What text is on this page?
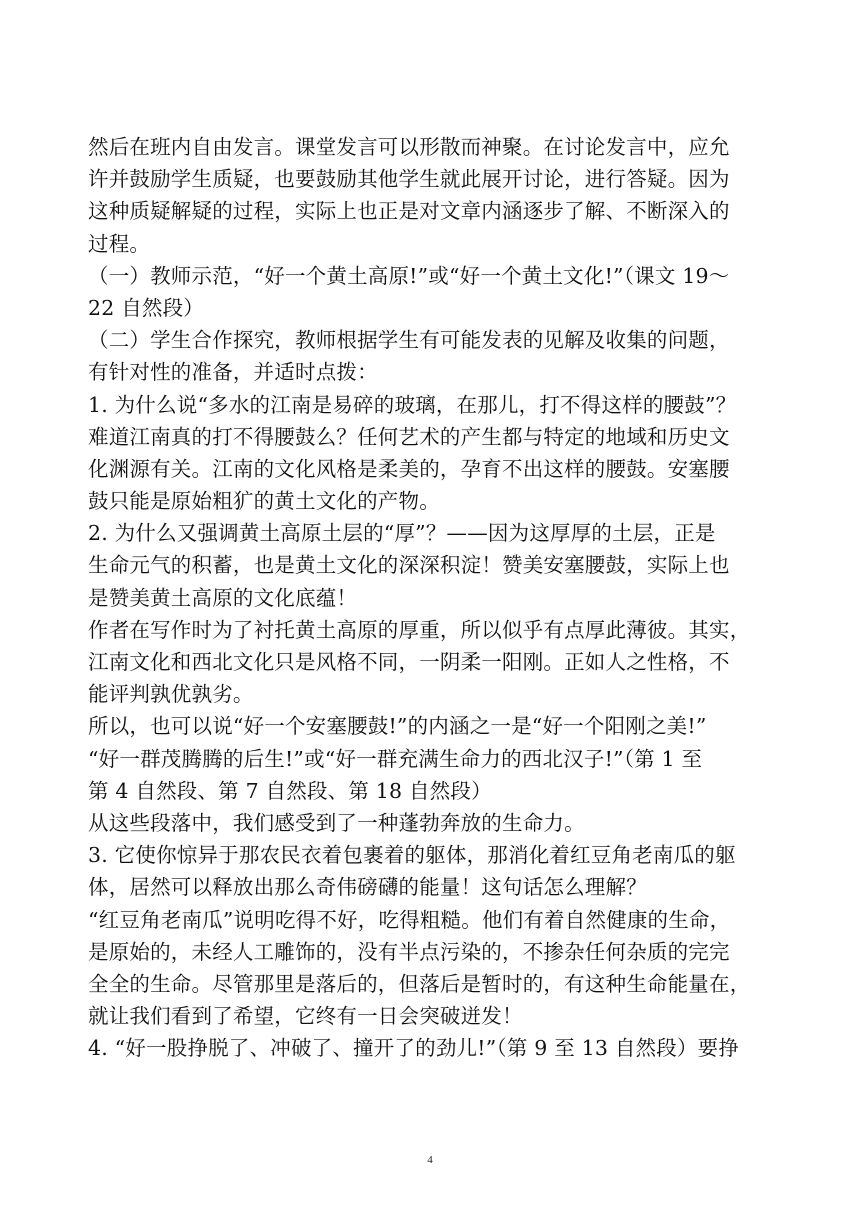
然后在班内自由发言。课堂发言可以形散而神聚。在讨论发言中，应允
许并鼓励学生质疑，也要鼓励其他学生就此展开讨论，进行答疑。因为
这种质疑解疑的过程，实际上也正是对文章内涵逐步了解、不断深入的
过程。
（一）教师示范，“好一个黄土高原!”或“好一个黄土文化!”（课文 19～
22 自然段）
（二）学生合作探究，教师根据学生有可能发表的见解及收集的问题，
有针对性的准备，并适时点拨：
1. 为什么说“多水的江南是易碎的玻璃，在那儿，打不得这样的腰鼓”？
难道江南真的打不得腰鼓么？任何艺术的产生都与特定的地域和历史文
化渊源有关。江南的文化风格是柔美的，孕育不出这样的腰鼓。安塞腰
鼓只能是原始粗犷的黄土文化的产物。
2. 为什么又强调黄土高原土层的“厚”？——因为这厚厚的土层，正是
生命元气的积蓄，也是黄土文化的深深积淀！赞美安塞腰鼓，实际上也
是赞美黄土高原的文化底蕴！
作者在写作时为了衬托黄土高原的厚重，所以似乎有点厚此薄彼。其实，
江南文化和西北文化只是风格不同，一阴柔一阳刚。正如人之性格，不
能评判孰优孰劣。
所以，也可以说“好一个安塞腰鼓!”的内涵之一是“好一个阳刚之美!”
“好一群茂腾腾的后生!”或“好一群充满生命力的西北汉子!”（第 1 至
第 4 自然段、第 7 自然段、第 18 自然段）
从这些段落中，我们感受到了一种蓬勃奔放的生命力。
3. 它使你惊异于那农民衣着包裹着的躯体，那消化着红豆角老南瓜的躯
体，居然可以释放出那么奇伟磅礴的能量！这句话怎么理解？
“红豆角老南瓜”说明吃得不好，吃得粗糙。他们有着自然健康的生命，
是原始的，未经人工雕饰的，没有半点污染的，不掺杂任何杂质的完完
全全的生命。尽管那里是落后的，但落后是暂时的，有这种生命能量在，
就让我们看到了希望，它终有一日会突破迸发！
4. “好一股挣脱了、冲破了、撞开了的劲儿!”（第 9 至 13 自然段）要挣
4
